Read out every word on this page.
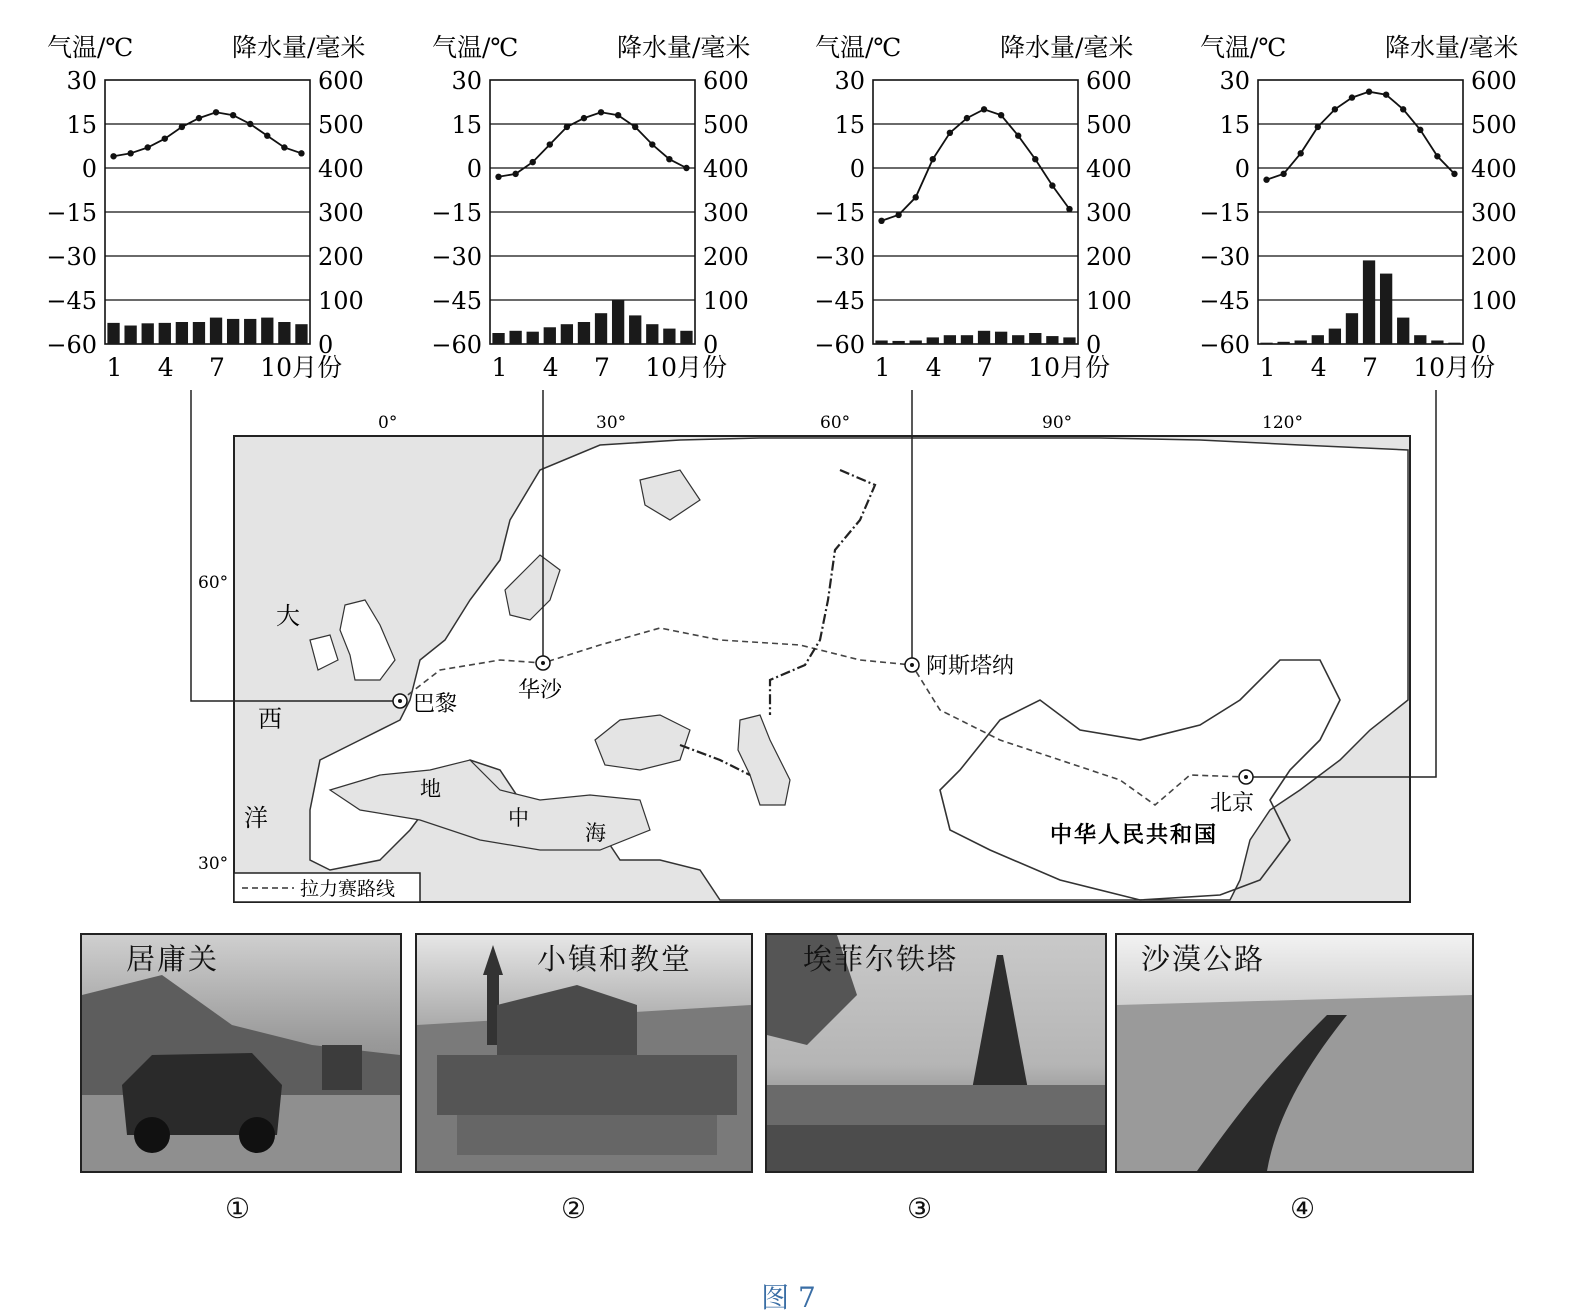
气温/℃	降水量/毫米
30	600
15	500
0	400
−15	300
−30	200
−45	100
−60	0
1 4 7 10月份
气温/℃	降水量/毫米
30	600
15	500
0	400
−15	300
−30	200
−45	100
−60	0
1 4 7 10月份
气温/℃	降水量/毫米
30	600
15	500
0	400
−15	300
−30	200
−45	100
−60	0
1 4 7 10月份
气温/℃	降水量/毫米
30	600
15	500
0	400
−15	300
−30	200
−45	100
−60	0
1 4 7 10月份
巴黎
华沙
阿斯塔纳
北京
0°	30°	60°	90°	120°
60°
30°
大
西
洋
地
中
海	中华人民共和国
拉力赛路线
居庸关	小镇和教堂	埃菲尔铁塔	沙漠公路
①	②	③	④
图 7
